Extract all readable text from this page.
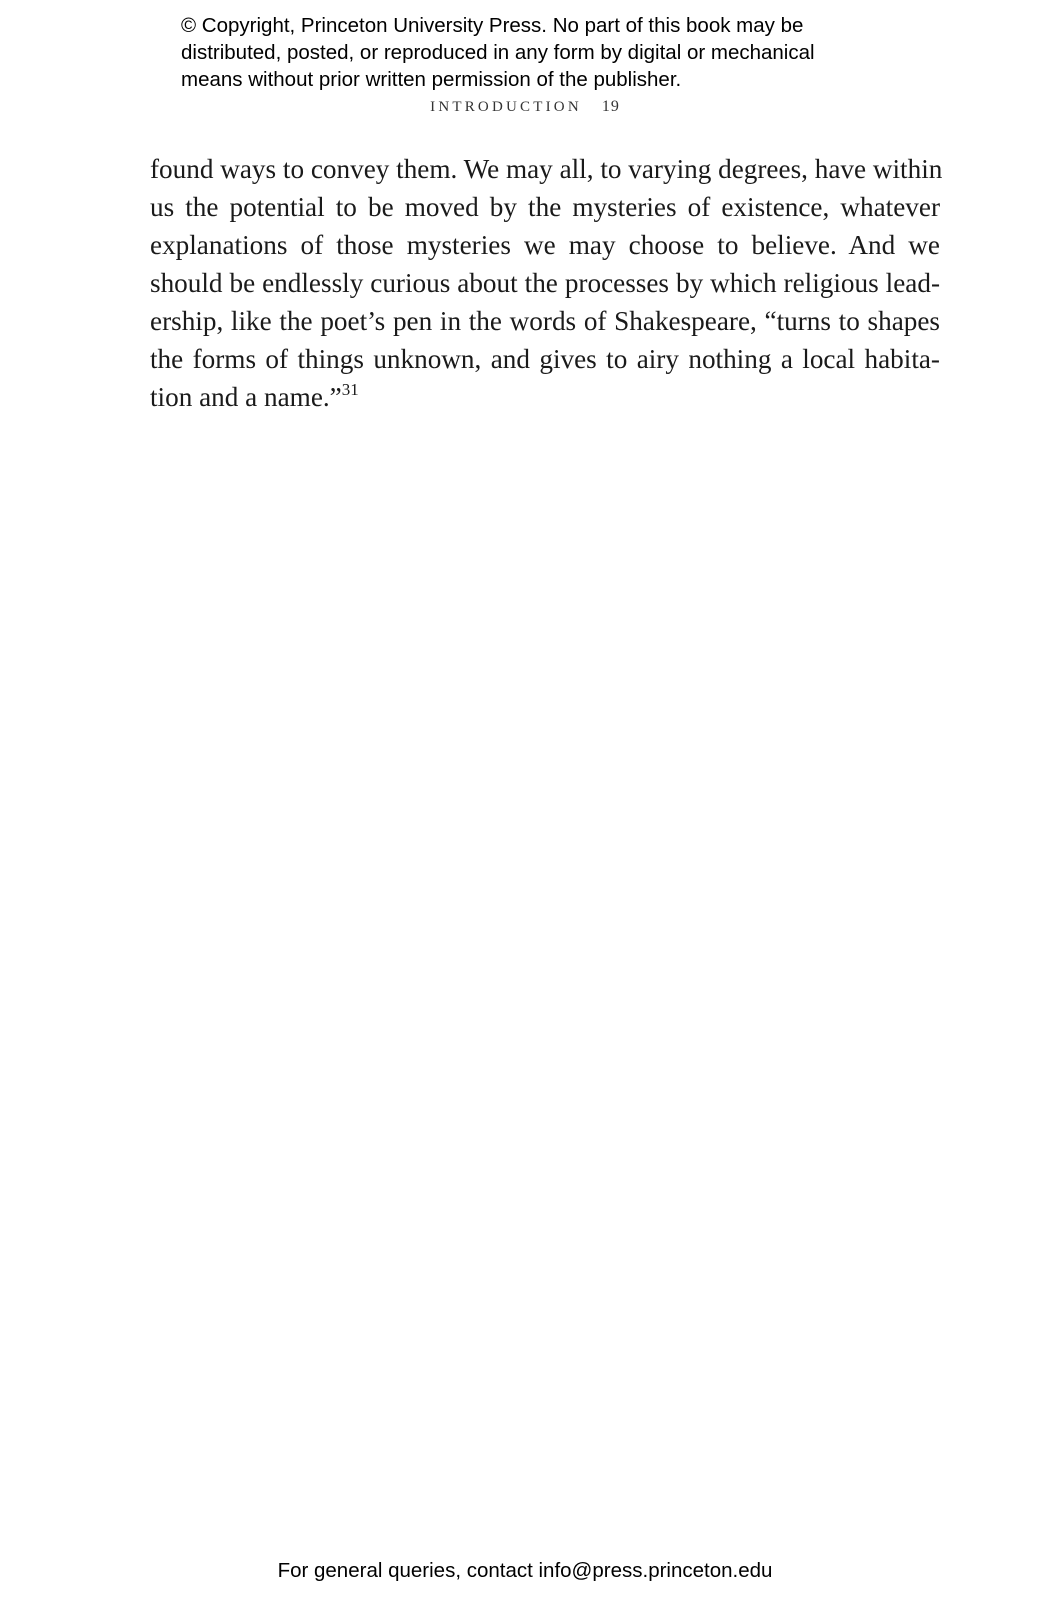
© Copyright, Princeton University Press. No part of this book may be
distributed, posted, or reproduced in any form by digital or mechanical
means without prior written permission of the publisher.
INTRODUCTION 19
found ways to convey them. We may all, to varying degrees, have within
us the potential to be moved by the mysteries of existence, whatever
explanations of those mysteries we may choose to believe. And we
should be endlessly curious about the processes by which religious lead-
ership, like the poet’s pen in the words of Shakespeare, “turns to shapes
the forms of things unknown, and gives to airy nothing a local habita-
tion and a name.”$^{31}$
For general queries, contact info@press.princeton.edu
